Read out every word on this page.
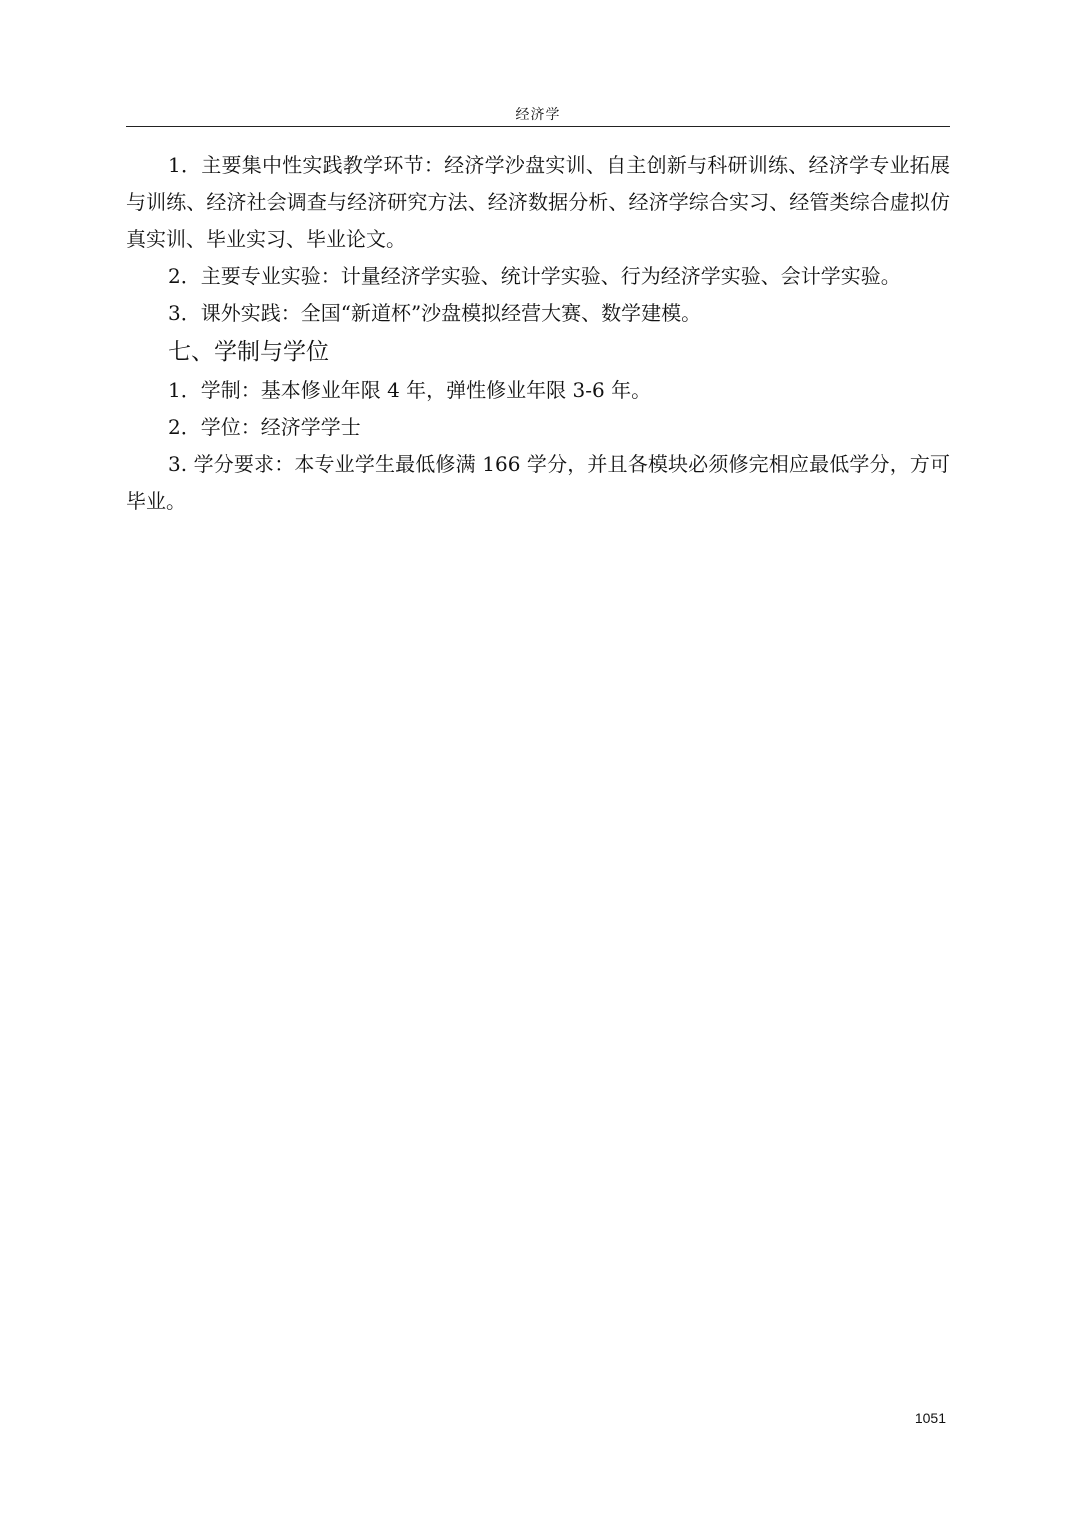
经济学

1．主要集中性实践教学环节：经济学沙盘实训、自主创新与科研训练、经济学专业拓展与训练、经济社会调查与经济研究方法、经济数据分析、经济学综合实习、经管类综合虚拟仿真实训、毕业实习、毕业论文。

2．主要专业实验：计量经济学实验、统计学实验、行为经济学实验、会计学实验。

3．课外实践：全国“新道杯”沙盘模拟经营大赛、数学建模。

七、学制与学位

1．学制：基本修业年限 4 年，弹性修业年限 3-6 年。

2．学位：经济学学士

3. 学分要求：本专业学生最低修满 166 学分，并且各模块必须修完相应最低学分，方可毕业。

1051
